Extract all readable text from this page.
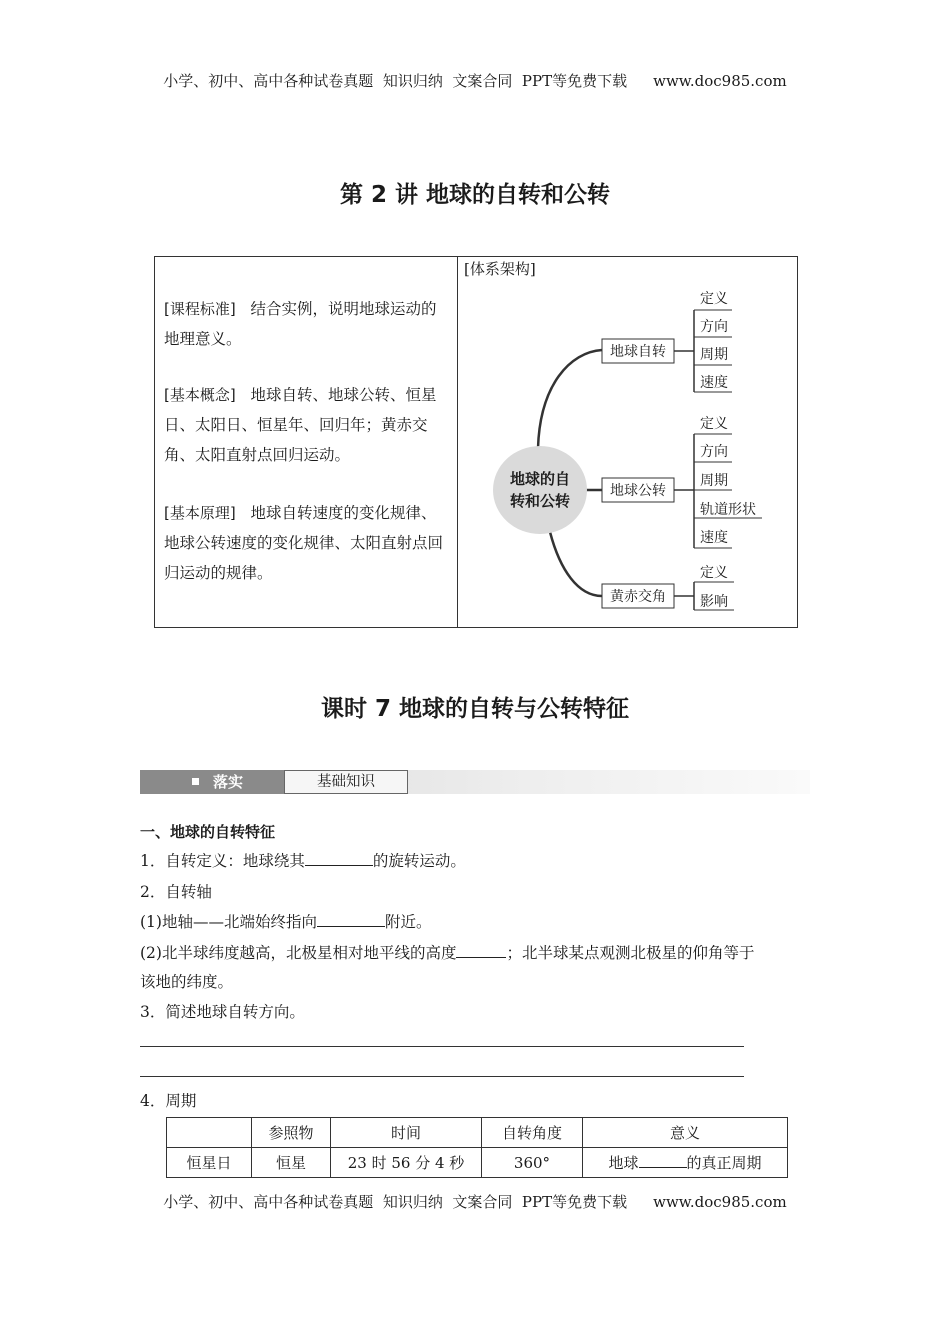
小学、初中、高中各种试卷真题  知识归纳  文案合同  PPT等免费下载 www.doc985.com
第 2 讲 地球的自转和公转
[课程标准] 结合实例，说明地球运动的地理意义。
[基本概念] 地球自转、地球公转、恒星日、太阳日、恒星年、回归年；黄赤交角、太阳直射点回归运动。
[基本原理] 地球自转速度的变化规律、地球公转速度的变化规律、太阳直射点回归运动的规律。
[体系架构]
地球的自
转和公转
地球自转
地球公转
黄赤交角
定义
方向
周期
速度
定义
方向
周期
轨道形状
速度
定义
影响
课时 7 地球的自转与公转特征
落实	基础知识
一、地球的自转特征
1．自转定义：地球绕其	的旋转运动。
2．自转轴
(1)地轴——北端始终指向	附近。
(2)北半球纬度越高，北极星相对地平线的高度	；北半球某点观测北极星的仰角等于
该地的纬度。
3．简述地球自转方向。
4．周期
	参照物	时间	自转角度	意义
恒星日	恒星	23 时 56 分 4 秒	360°	地球 的真正周期
小学、初中、高中各种试卷真题  知识归纳  文案合同  PPT等免费下载 www.doc985.com
